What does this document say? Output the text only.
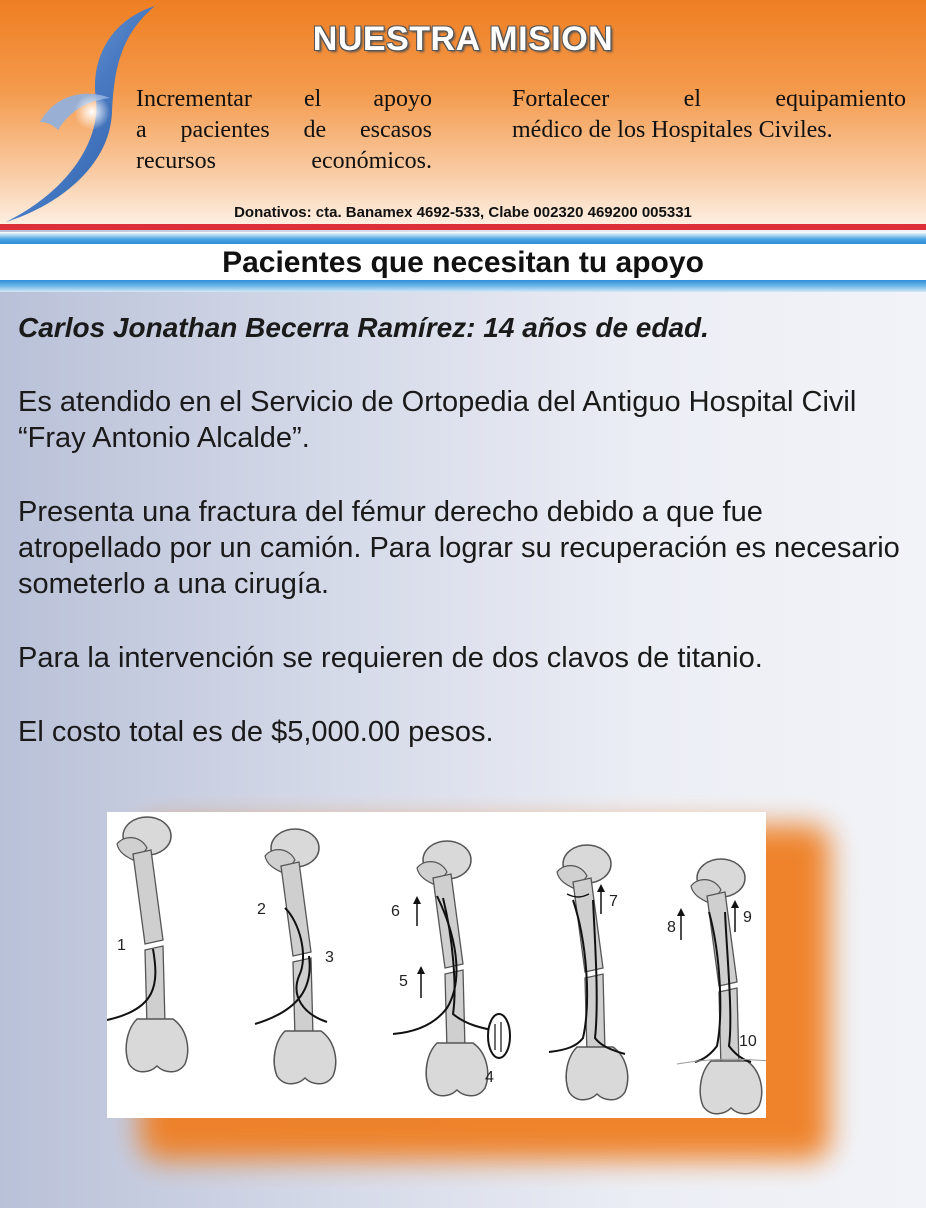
NUESTRA MISION
Incrementar el apoyo
a pacientes de escasos
recursos económicos.
Fortalecer el equipamiento
médico de los Hospitales Civiles.
Donativos: cta. Banamex 4692-533, Clabe 002320 469200 005331
Pacientes que necesitan tu apoyo

Carlos Jonathan Becerra Ramírez: 14 años de edad.

Es atendido en el Servicio de Ortopedia del Antiguo Hospital Civil “Fray Antonio Alcalde”.

Presenta una fractura del fémur derecho debido a que fue atropellado por un camión. Para lograr su recuperación es necesario someterlo a una cirugía.

Para la intervención se requieren de dos clavos de titanio.

El costo total es de $5,000.00 pesos.

1
2
3
6
5
4
7
8
9
10
